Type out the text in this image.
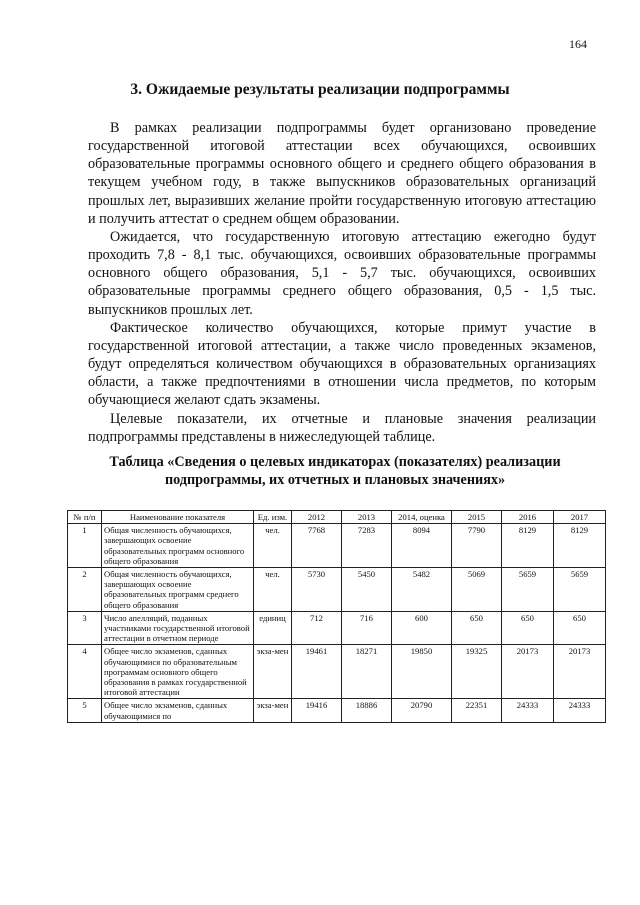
164
3. Ожидаемые результаты реализации подпрограммы

В рамках реализации подпрограммы будет организовано проведение государственной итоговой аттестации всех обучающихся, освоивших образовательные программы основного общего и среднего общего образования в текущем учебном году, в также выпускников образовательных организаций прошлых лет, выразивших желание пройти государственную итоговую аттестацию и получить аттестат о среднем общем образовании.

Ожидается, что государственную итоговую аттестацию ежегодно будут проходить 7,8 - 8,1 тыс. обучающихся, освоивших образовательные программы основного общего образования, 5,1 - 5,7 тыс. обучающихся, освоивших образовательные программы среднего общего образования, 0,5 - 1,5 тыс. выпускников прошлых лет.

Фактическое количество обучающихся, которые примут участие в государственной итоговой аттестации, а также число проведенных экзаменов, будут определяться количеством обучающихся в образовательных организациях области, а также предпочтениями в отношении числа предметов, по которым обучающиеся желают сдать экзамены.

Целевые показатели, их отчетные и плановые значения реализации подпрограммы представлены в нижеследующей таблице.

Таблица «Сведения о целевых индикаторах (показателях) реализации подпрограммы, их отчетных и плановых значениях»
№ п/п	Наименование показателя	Ед. изм.	2012	2013	2014, оценка	2015	2016	2017
1	Общая численность обучающихся, завершающих освоение образовательных программ основного общего образования	чел.	7768	7283	8094	7790	8129	8129
2	Общая численность обучающихся, завершающих освоение образовательных программ среднего общего образования	чел.	5730	5450	5482	5069	5659	5659
3	Число апелляций, поданных участниками государственной итоговой аттестации в отчетном периоде	единиц	712	716	600	650	650	650
4	Общее число экзаменов, сданных обучающимися по образовательным программам основного общего образования в рамках государственной итоговой аттестации	экза-мен	19461	18271	19850	19325	20173	20173
5	Общее число экзаменов, сданных обучающимися по	экза-мен	19416	18886	20790	22351	24333	24333
